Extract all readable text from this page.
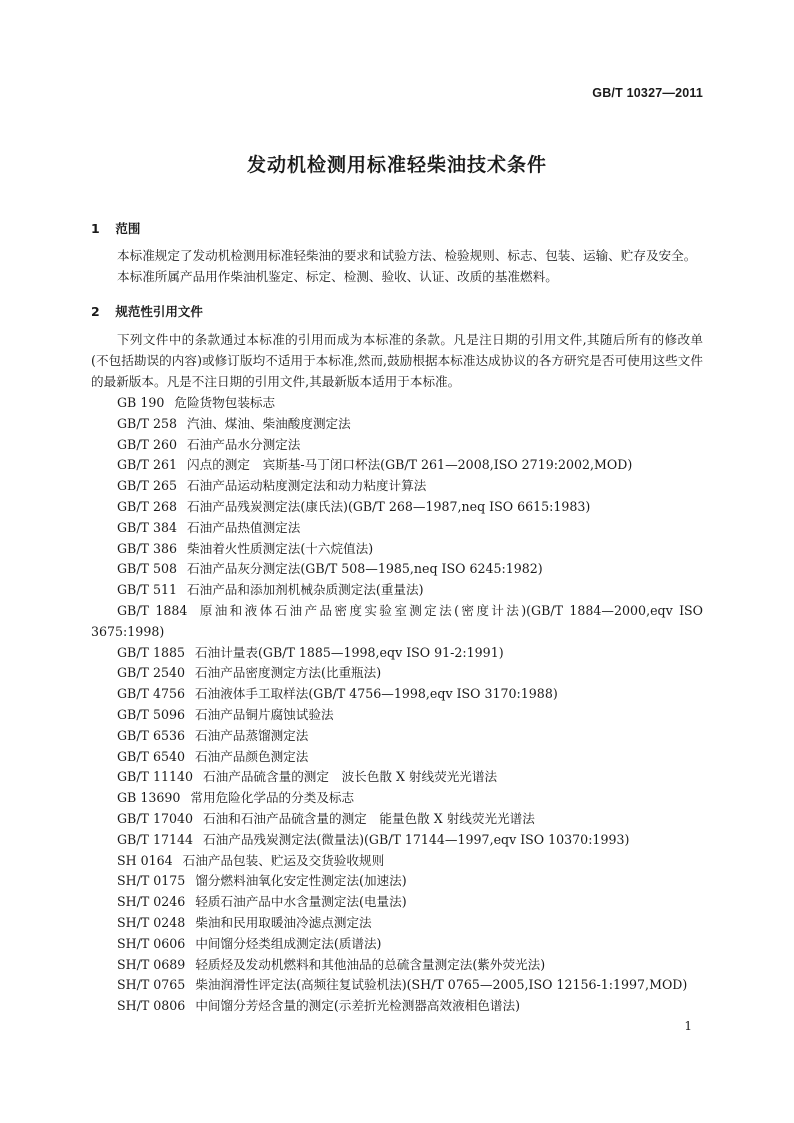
GB/T 10327—2011
发动机检测用标准轻柴油技术条件
1 范围

本标准规定了发动机检测用标准轻柴油的要求和试验方法、检验规则、标志、包装、运输、贮存及安全。

本标准所属产品用作柴油机鉴定、标定、检测、验收、认证、改质的基准燃料。

2 规范性引用文件

下列文件中的条款通过本标准的引用而成为本标准的条款。凡是注日期的引用文件,其随后所有的修改单(不包括勘误的内容)或修订版均不适用于本标准,然而,鼓励根据本标准达成协议的各方研究是否可使用这些文件的最新版本。凡是不注日期的引用文件,其最新版本适用于本标准。

GB 190 危险货物包装标志
GB/T 258 汽油、煤油、柴油酸度测定法
GB/T 260 石油产品水分测定法
GB/T 261 闪点的测定　宾斯基-马丁闭口杯法(GB/T 261—2008,ISO 2719:2002,MOD)
GB/T 265 石油产品运动粘度测定法和动力粘度计算法
GB/T 268 石油产品残炭测定法(康氏法)(GB/T 268—1987,neq ISO 6615:1983)
GB/T 384 石油产品热值测定法
GB/T 386 柴油着火性质测定法(十六烷值法)
GB/T 508 石油产品灰分测定法(GB/T 508—1985,neq ISO 6245:1982)
GB/T 511 石油产品和添加剂机械杂质测定法(重量法)
GB/T 1884 原油和液体石油产品密度实验室测定法(密度计法)(GB/T 1884—2000,eqv ISO 3675:1998)
GB/T 1885 石油计量表(GB/T 1885—1998,eqv ISO 91-2:1991)
GB/T 2540 石油产品密度测定方法(比重瓶法)
GB/T 4756 石油液体手工取样法(GB/T 4756—1998,eqv ISO 3170:1988)
GB/T 5096 石油产品铜片腐蚀试验法
GB/T 6536 石油产品蒸馏测定法
GB/T 6540 石油产品颜色测定法
GB/T 11140 石油产品硫含量的测定　波长色散 X 射线荧光光谱法
GB 13690 常用危险化学品的分类及标志
GB/T 17040 石油和石油产品硫含量的测定　能量色散 X 射线荧光光谱法
GB/T 17144 石油产品残炭测定法(微量法)(GB/T 17144—1997,eqv ISO 10370:1993)
SH 0164 石油产品包装、贮运及交货验收规则
SH/T 0175 馏分燃料油氧化安定性测定法(加速法)
SH/T 0246 轻质石油产品中水含量测定法(电量法)
SH/T 0248 柴油和民用取暖油冷滤点测定法
SH/T 0606 中间馏分烃类组成测定法(质谱法)
SH/T 0689 轻质烃及发动机燃料和其他油品的总硫含量测定法(紫外荧光法)
SH/T 0765 柴油润滑性评定法(高频往复试验机法)(SH/T 0765—2005,ISO 12156-1:1997,MOD)
SH/T 0806 中间馏分芳烃含量的测定(示差折光检测器高效液相色谱法)
1
